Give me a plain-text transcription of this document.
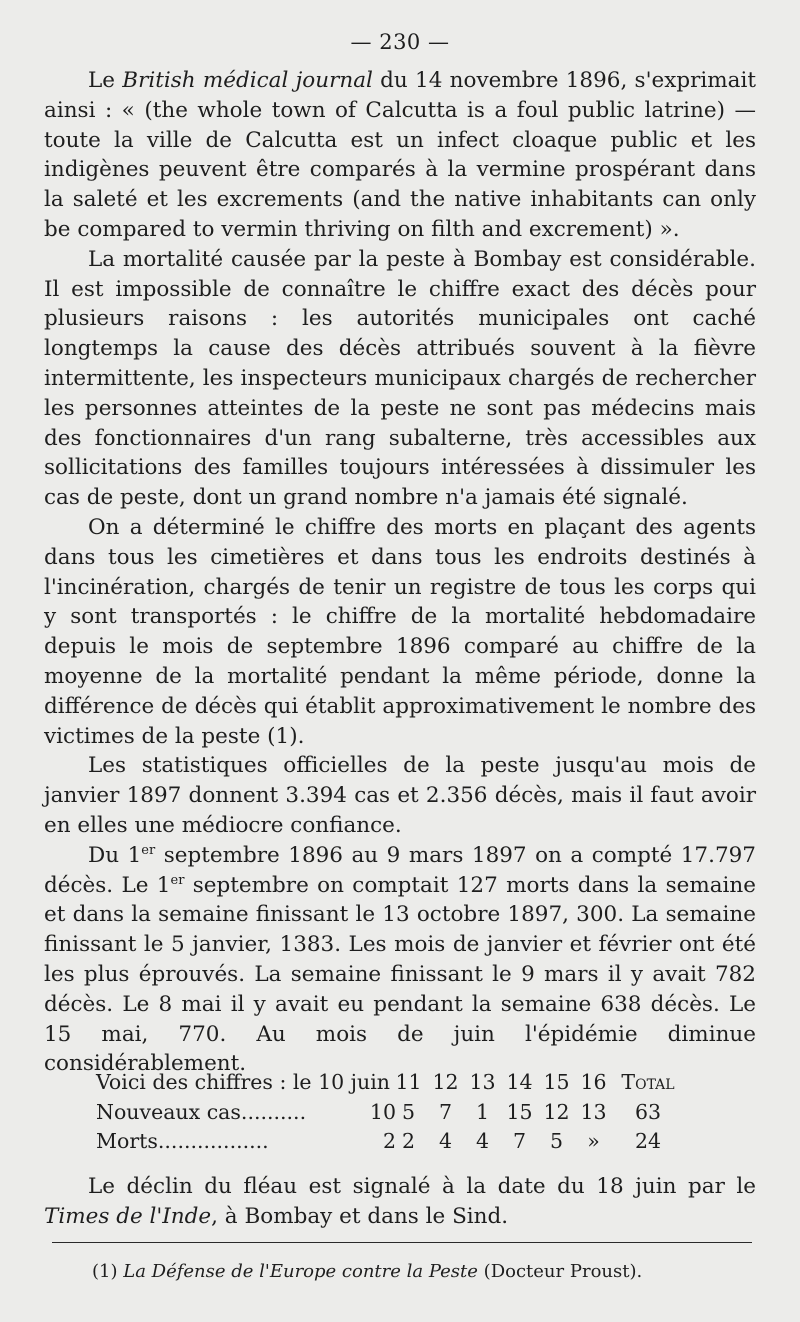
— 230 —

Le British médical journal du 14 novembre 1896, s'exprimait ainsi : « (the whole town of Calcutta is a foul public latrine) — toute la ville de Calcutta est un infect cloaque public et les indigènes peuvent être comparés à la vermine prospérant dans la saleté et les excrements (and the native inhabitants can only be compared to vermin thriving on filth and excrement) ».

La mortalité causée par la peste à Bombay est considérable. Il est impossible de connaître le chiffre exact des décès pour plusieurs raisons : les autorités municipales ont caché longtemps la cause des décès attribués souvent à la fièvre intermittente, les inspecteurs municipaux chargés de rechercher les personnes atteintes de la peste ne sont pas médecins mais des fonctionnaires d'un rang subalterne, très accessibles aux sollicitations des familles toujours intéressées à dissimuler les cas de peste, dont un grand nombre n'a jamais été signalé.

On a déterminé le chiffre des morts en plaçant des agents dans tous les cimetières et dans tous les endroits destinés à l'incinération, chargés de tenir un registre de tous les corps qui y sont transportés : le chiffre de la mortalité hebdomadaire depuis le mois de septembre 1896 comparé au chiffre de la moyenne de la mortalité pendant la même période, donne la différence de décès qui établit approximativement le nombre des victimes de la peste (1).

Les statistiques officielles de la peste jusqu'au mois de janvier 1897 donnent 3.394 cas et 2.356 décès, mais il faut avoir en elles une médiocre confiance.

Du 1er septembre 1896 au 9 mars 1897 on a compté 17.797 décès. Le 1er septembre on comptait 127 morts dans la semaine et dans la semaine finissant le 13 octobre 1897, 300. La semaine finissant le 5 janvier, 1383. Les mois de janvier et février ont été les plus éprouvés. La semaine finissant le 9 mars il y avait 782 décès. Le 8 mai il y avait eu pendant la semaine 638 décès. Le 15 mai, 770. Au mois de juin l'épidémie diminue considérablement.

Voici des chiffres : le 10 juin	11	12	13	14	15	16	Total
Nouveaux cas.......... 10	5	7	1	15	12	13	63
Morts................. 2	2	4	4	7	5	»	24

Le déclin du fléau est signalé à la date du 18 juin par le Times de l'Inde, à Bombay et dans le Sind.

(1) La Défense de l'Europe contre la Peste (Docteur Proust).
